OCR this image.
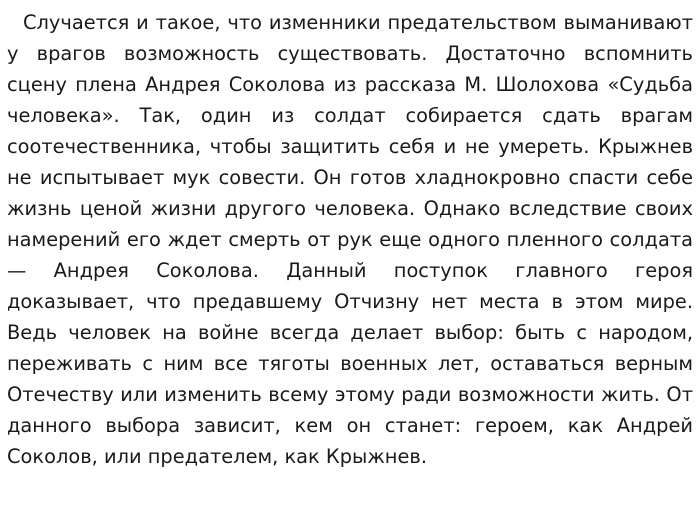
Случается и такое, что изменники предательством выманивают у врагов возможность существовать. Достаточно вспомнить сцену плена Андрея Соколова из рассказа М. Шолохова «Судьба человека». Так, один из солдат собирается сдать врагам соотечественника, чтобы защитить себя и не умереть. Крыжнев не испытывает мук совести. Он готов хладнокровно спасти себе жизнь ценой жизни другого человека. Однако вследствие своих намерений его ждет смерть от рук еще одного пленного солдата — Андрея Соколова. Данный поступок главного героя доказывает, что предавшему Отчизну нет места в этом мире. Ведь человек на войне всегда делает выбор: быть с народом, переживать с ним все тяготы военных лет, оставаться верным Отечеству или изменить всему этому ради возможности жить. От данного выбора зависит, кем он станет: героем, как Андрей Соколов, или предателем, как Крыжнев.
